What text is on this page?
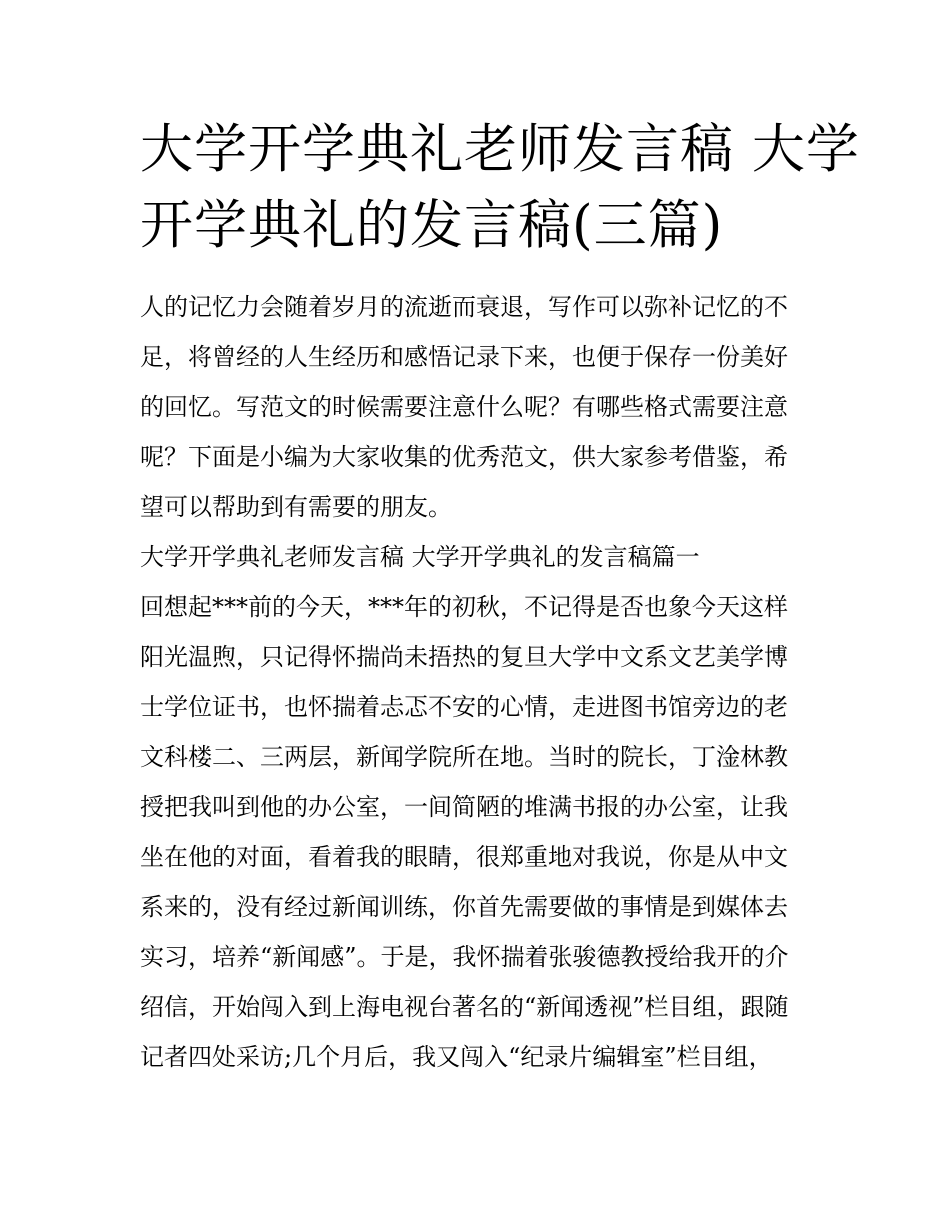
大学开学典礼老师发言稿 大学
开学典礼的发言稿(三篇)

人的记忆力会随着岁月的流逝而衰退，写作可以弥补记忆的不
足，将曾经的人生经历和感悟记录下来，也便于保存一份美好
的回忆。写范文的时候需要注意什么呢？有哪些格式需要注意
呢？下面是小编为大家收集的优秀范文，供大家参考借鉴，希
望可以帮助到有需要的朋友。

大学开学典礼老师发言稿 大学开学典礼的发言稿篇一

回想起***前的今天，***年的初秋，不记得是否也象今天这样
阳光温煦，只记得怀揣尚未捂热的复旦大学中文系文艺美学博
士学位证书，也怀揣着忐忑不安的心情，走进图书馆旁边的老
文科楼二、三两层，新闻学院所在地。当时的院长，丁淦林教
授把我叫到他的办公室，一间简陋的堆满书报的办公室，让我
坐在他的对面，看着我的眼睛，很郑重地对我说，你是从中文
系来的，没有经过新闻训练，你首先需要做的事情是到媒体去
实习，培养“新闻感”。于是，我怀揣着张骏德教授给我开的介
绍信，开始闯入到上海电视台著名的“新闻透视”栏目组，跟随
记者四处采访;几个月后，我又闯入“纪录片编辑室”栏目组，
